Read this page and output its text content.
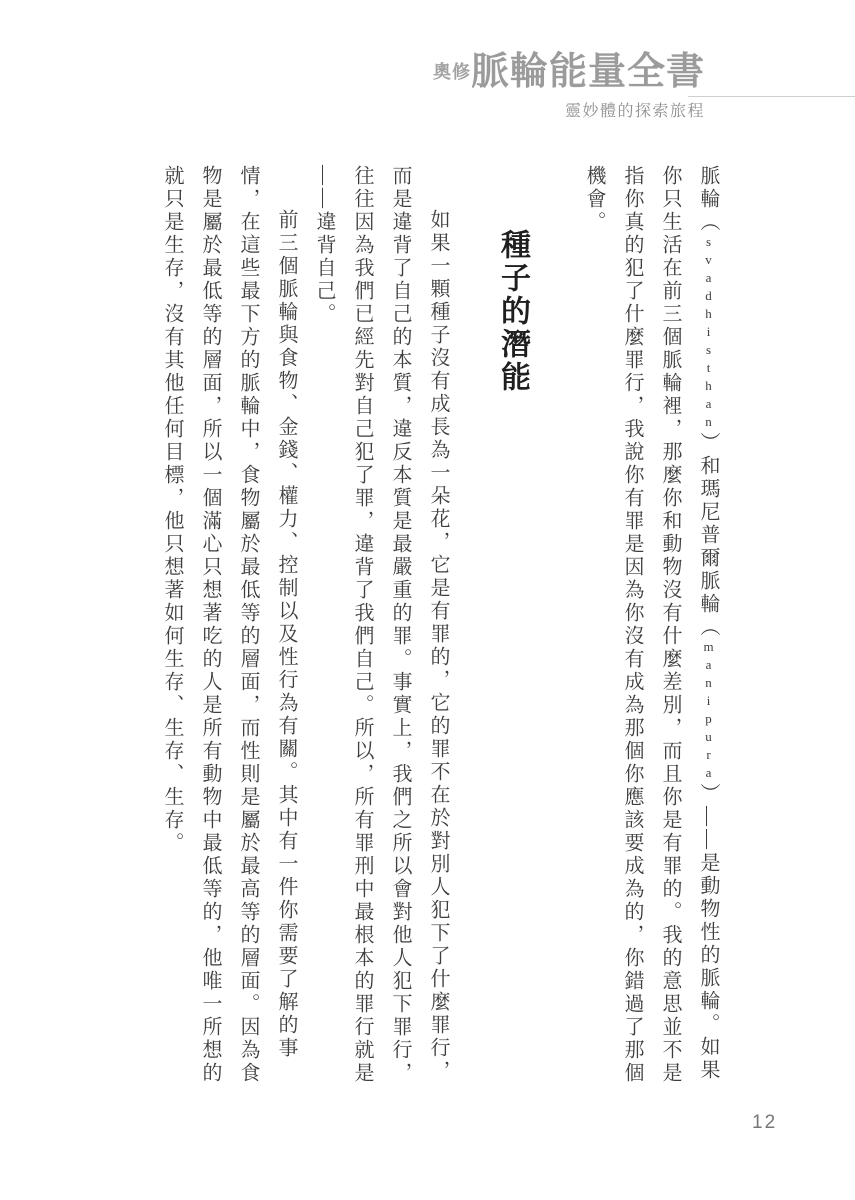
奧修 脈輪能量全書
靈妙體的探索旅程

脈輪（svadhisthan）和瑪尼普爾脈輪（manipura）——是動物性的脈輪。如果你只生活在前三個脈輪裡，那麼你和動物沒有什麼差別，而且你是有罪的。我的意思並不是指你真的犯了什麼罪行，我說你有罪是因為你沒有成為那個你應該要成為的，你錯過了那個機會。

種子的潛能

如果一顆種子沒有成長為一朵花，它是有罪的，它的罪不在於對別人犯下了什麼罪行，而是違背了自己的本質，違反本質是最嚴重的罪。事實上，我們之所以會對他人犯下罪行，往往因為我們已經先對自己犯了罪，違背了我們自己。所以，所有罪刑中最根本的罪行就是——違背自己。

前三個脈輪與食物、金錢、權力、控制以及性行為有關。其中有一件你需要了解的事情，在這些最下方的脈輪中，食物屬於最低等的層面，而性則是屬於最高等的層面。因為食物是屬於最低等的層面，所以一個滿心只想著吃的人是所有動物中最低等的，他唯一所想的就只是生存，沒有其他任何目標，他只想著如何生存、生存、生存。

12
